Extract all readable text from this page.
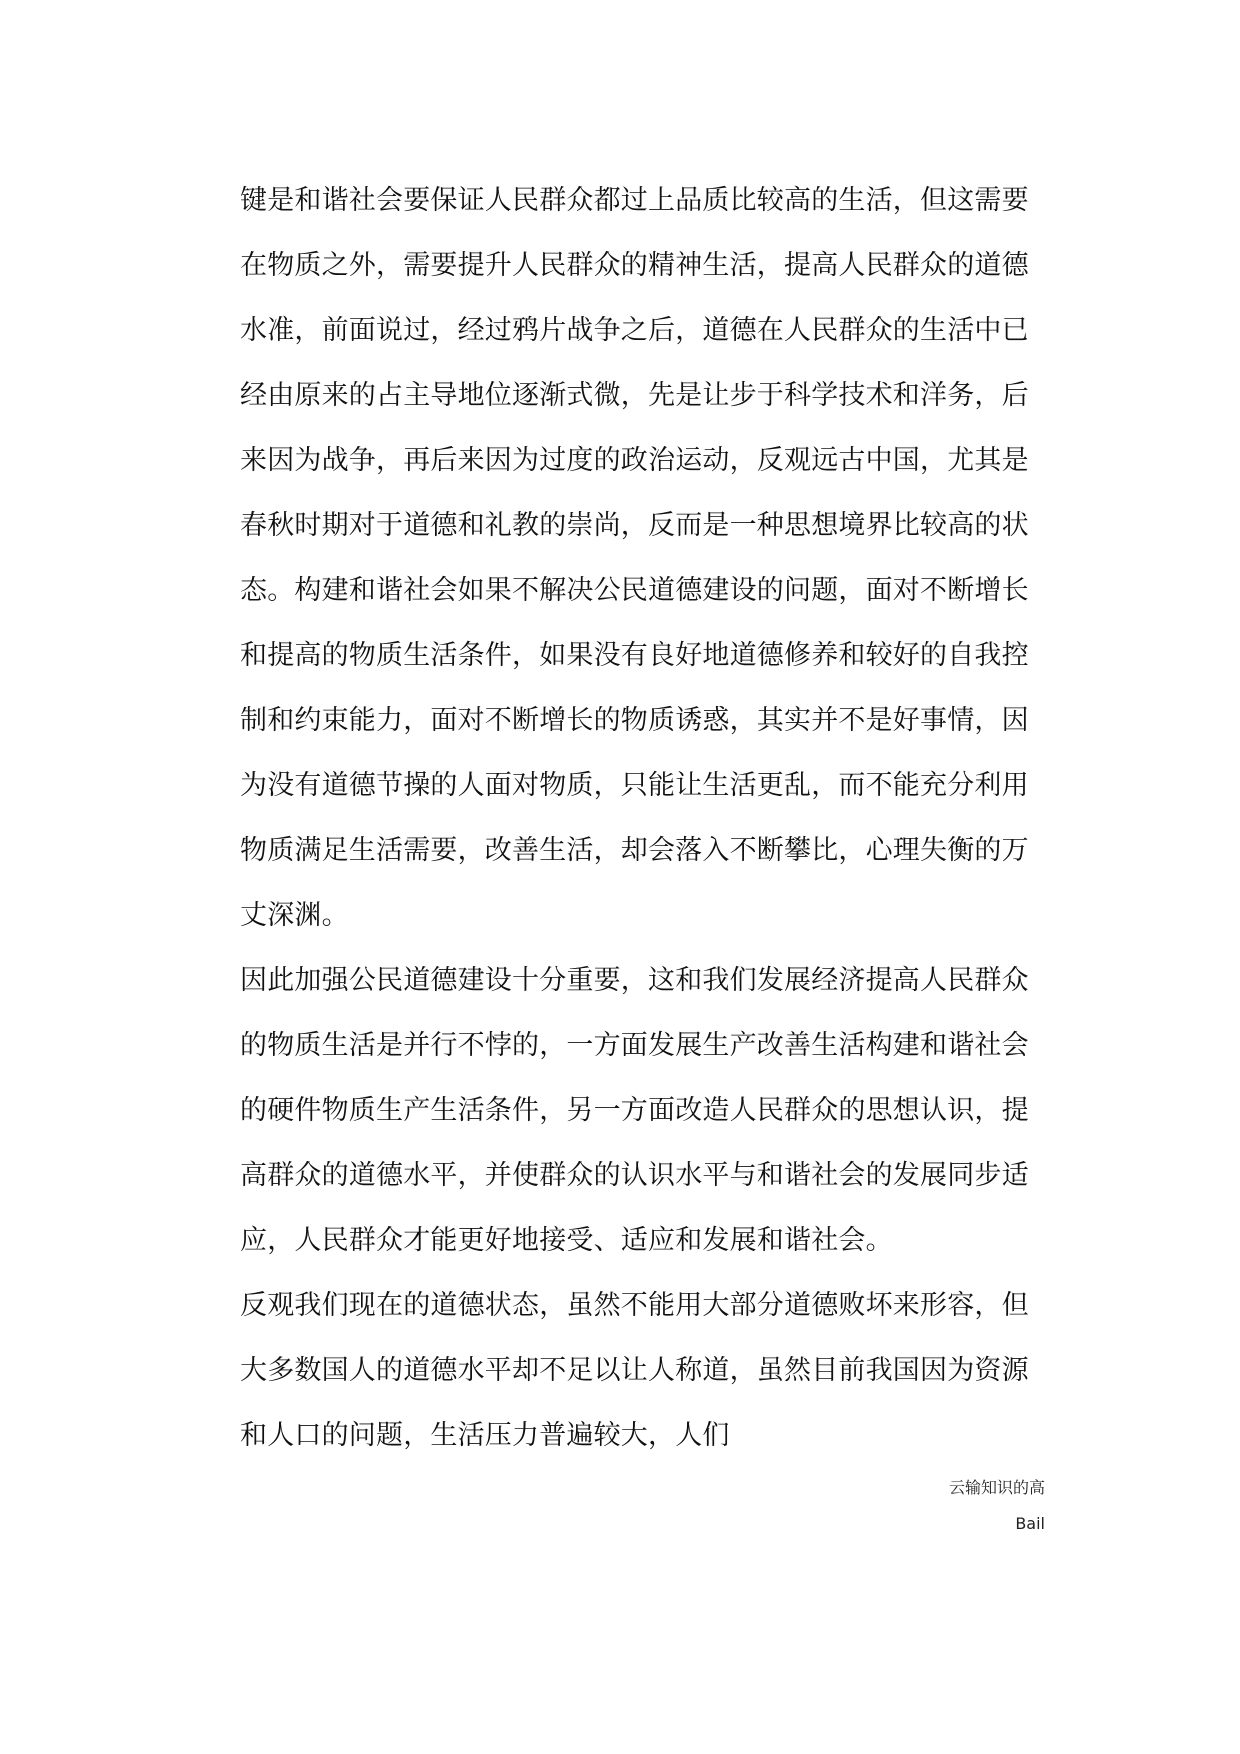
键是和谐社会要保证人民群众都过上品质比较高的生活，但这需要
在物质之外，需要提升人民群众的精神生活，提高人民群众的道德
水准，前面说过，经过鸦片战争之后，道德在人民群众的生活中已
经由原来的占主导地位逐渐式微，先是让步于科学技术和洋务，后
来因为战争，再后来因为过度的政治运动，反观远古中国，尤其是
春秋时期对于道德和礼教的崇尚，反而是一种思想境界比较高的状
态。构建和谐社会如果不解决公民道德建设的问题，面对不断增长
和提高的物质生活条件，如果没有良好地道德修养和较好的自我控
制和约束能力，面对不断增长的物质诱惑，其实并不是好事情，因
为没有道德节操的人面对物质，只能让生活更乱，而不能充分利用
物质满足生活需要，改善生活，却会落入不断攀比，心理失衡的万
丈深渊。
因此加强公民道德建设十分重要，这和我们发展经济提高人民群众
的物质生活是并行不悖的，一方面发展生产改善生活构建和谐社会
的硬件物质生产生活条件，另一方面改造人民群众的思想认识，提
高群众的道德水平，并使群众的认识水平与和谐社会的发展同步适
应，人民群众才能更好地接受、适应和发展和谐社会。
反观我们现在的道德状态，虽然不能用大部分道德败坏来形容，但
大多数国人的道德水平却不足以让人称道，虽然目前我国因为资源
和人口的问题，生活压力普遍较大，人们
云输知识的高
Bail
